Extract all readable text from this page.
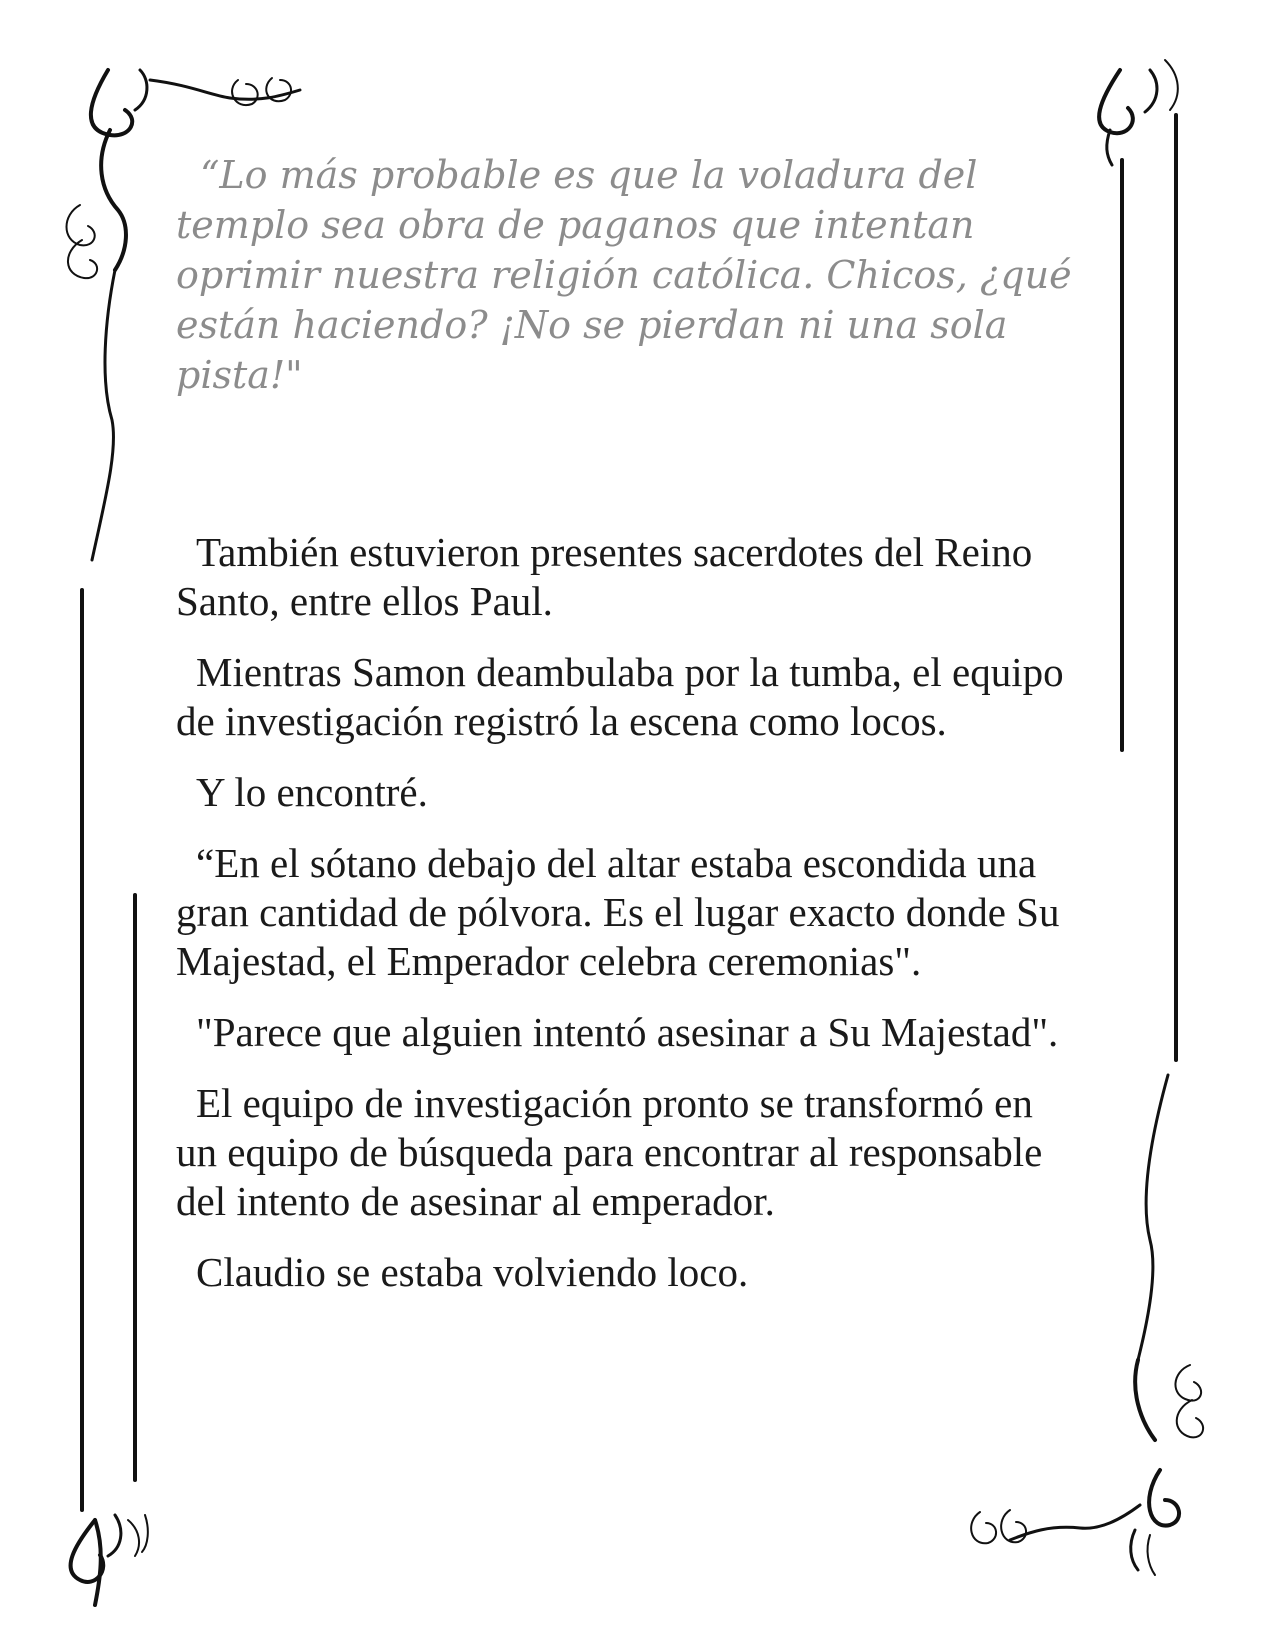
“Lo más probable es que la voladura del templo sea obra de paganos que intentan oprimir nuestra religión católica. Chicos, ¿qué están haciendo? ¡No se pierdan ni una sola pista!"

También estuvieron presentes sacerdotes del Reino Santo, entre ellos Paul.

Mientras Samon deambulaba por la tumba, el equipo de investigación registró la escena como locos.

Y lo encontré.

“En el sótano debajo del altar estaba escondida una gran cantidad de pólvora. Es el lugar exacto donde Su Majestad, el Emperador celebra ceremonias".

"Parece que alguien intentó asesinar a Su Majestad".

El equipo de investigación pronto se transformó en un equipo de búsqueda para encontrar al responsable del intento de asesinar al emperador.

Claudio se estaba volviendo loco.
